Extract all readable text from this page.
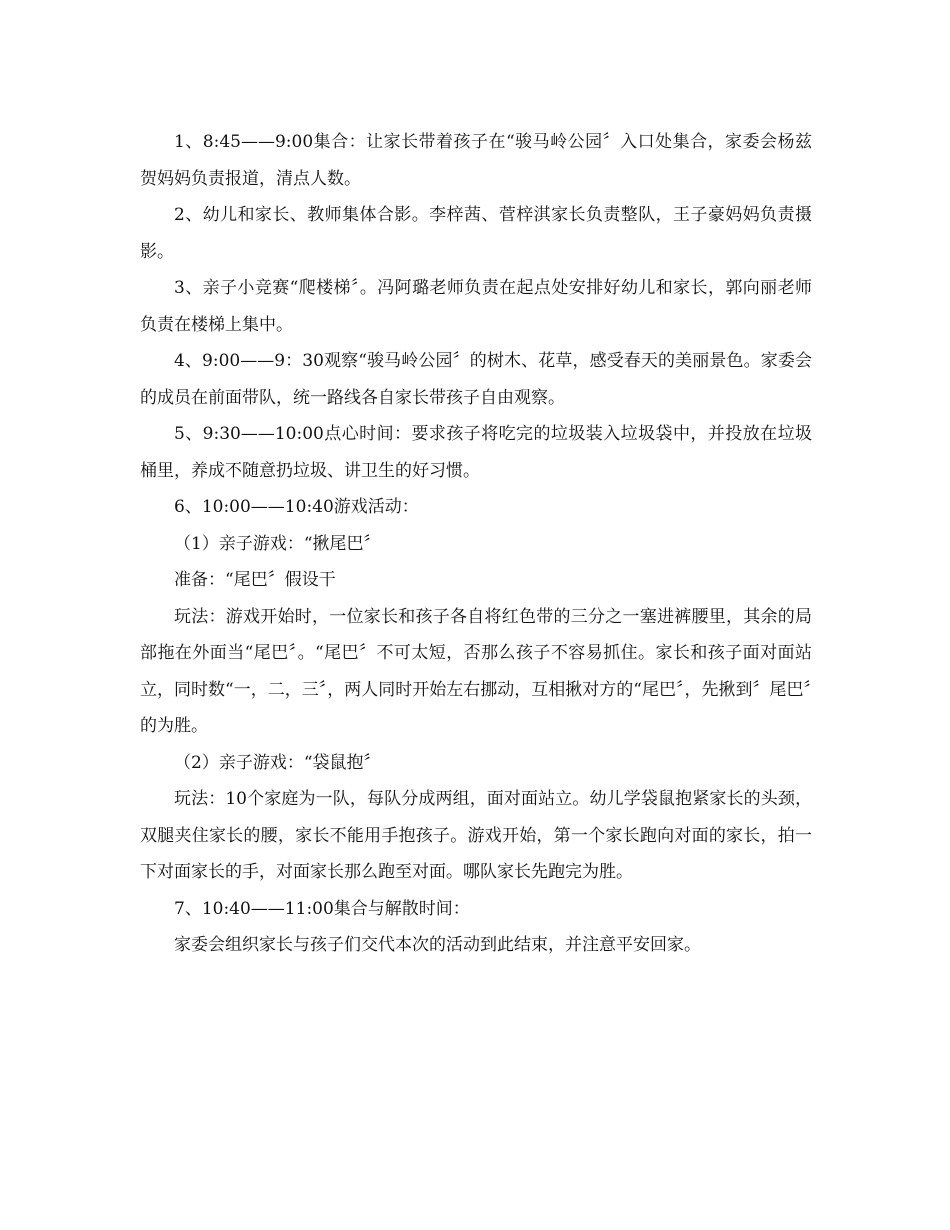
1、8:45——9:00集合：让家长带着孩子在“骏马岭公园〞入口处集合，家委会杨兹贺妈妈负责报道，清点人数。

2、幼儿和家长、教师集体合影。李梓茜、菅梓淇家长负责整队，王子豪妈妈负责摄影。

3、亲子小竞赛“爬楼梯〞。冯阿璐老师负责在起点处安排好幼儿和家长，郭向丽老师负责在楼梯上集中。

4、9:00——9：30观察“骏马岭公园〞的树木、花草，感受春天的美丽景色。家委会的成员在前面带队，统一路线各自家长带孩子自由观察。

5、9:30——10:00点心时间：要求孩子将吃完的垃圾装入垃圾袋中，并投放在垃圾桶里，养成不随意扔垃圾、讲卫生的好习惯。

6、10:00——10:40游戏活动：

（1）亲子游戏：“揪尾巴〞

准备：“尾巴〞假设干

玩法：游戏开始时，一位家长和孩子各自将红色带的三分之一塞进裤腰里，其余的局部拖在外面当“尾巴〞。“尾巴〞不可太短，否那么孩子不容易抓住。家长和孩子面对面站立，同时数“一，二，三〞，两人同时开始左右挪动，互相揪对方的“尾巴〞，先揪到〞尾巴〞的为胜。

（2）亲子游戏：“袋鼠抱〞

玩法：10个家庭为一队，每队分成两组，面对面站立。幼儿学袋鼠抱紧家长的头颈， 双腿夹住家长的腰，家长不能用手抱孩子。游戏开始，第一个家长跑向对面的家长，拍一下对面家长的手，对面家长那么跑至对面。哪队家长先跑完为胜。

7、10:40——11:00集合与解散时间：

家委会组织家长与孩子们交代本次的活动到此结束，并注意平安回家。
